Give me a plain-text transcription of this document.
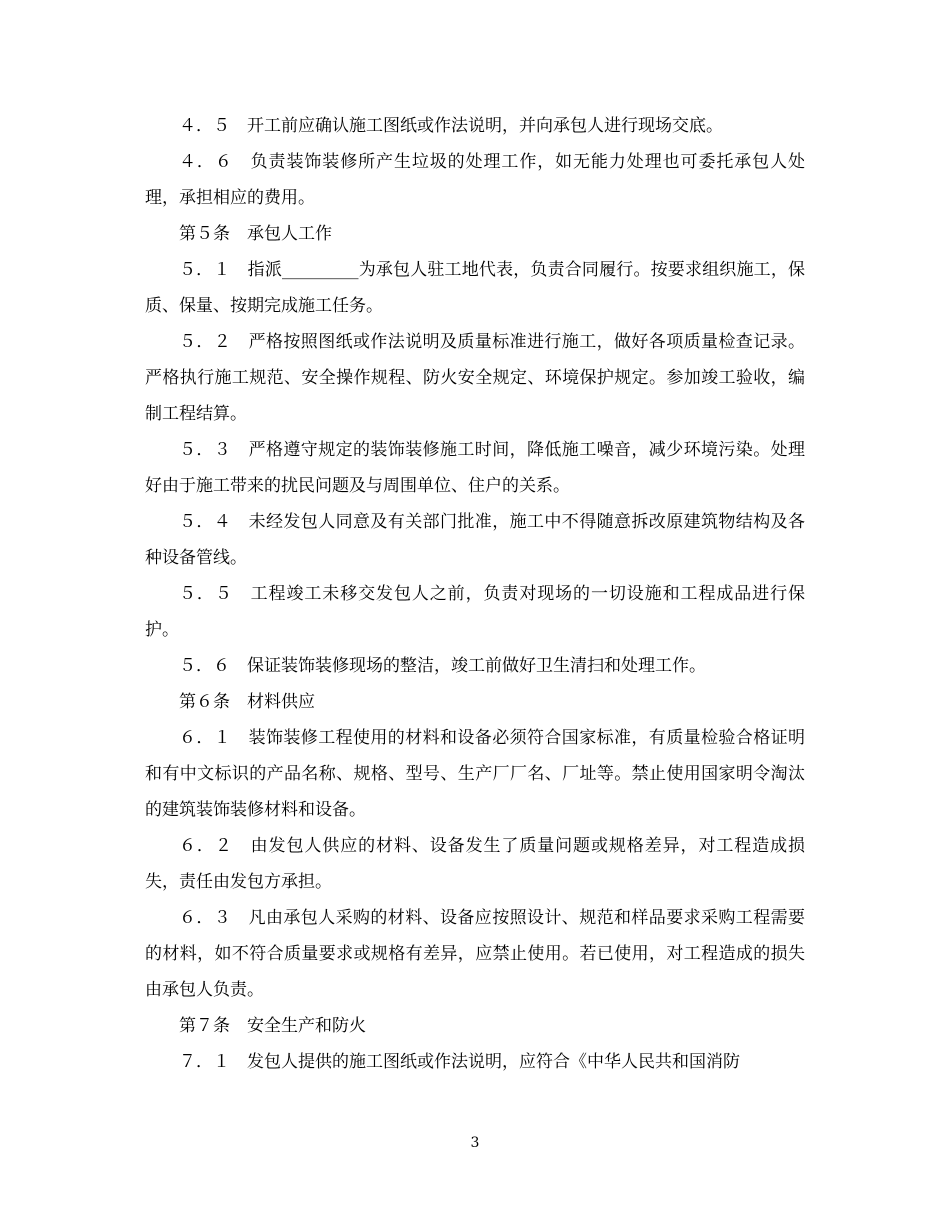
４．５　开工前应确认施工图纸或作法说明，并向承包人进行现场交底。

４．６　负责装饰装修所产生垃圾的处理工作，如无能力处理也可委托承包人处理，承担相应的费用。

第５条　承包人工作

５．１　指派_________为承包人驻工地代表，负责合同履行。按要求组织施工，保质、保量、按期完成施工任务。

５．２　严格按照图纸或作法说明及质量标准进行施工，做好各项质量检查记录。严格执行施工规范、安全操作规程、防火安全规定、环境保护规定。参加竣工验收，编制工程结算。

５．３　严格遵守规定的装饰装修施工时间，降低施工噪音，减少环境污染。处理好由于施工带来的扰民问题及与周围单位、住户的关系。

５．４　未经发包人同意及有关部门批准，施工中不得随意拆改原建筑物结构及各种设备管线。

５．５　工程竣工未移交发包人之前，负责对现场的一切设施和工程成品进行保护。

５．６　保证装饰装修现场的整洁，竣工前做好卫生清扫和处理工作。

第６条　材料供应

６．１　装饰装修工程使用的材料和设备必须符合国家标准，有质量检验合格证明和有中文标识的产品名称、规格、型号、生产厂厂名、厂址等。禁止使用国家明令淘汰的建筑装饰装修材料和设备。

６．２　由发包人供应的材料、设备发生了质量问题或规格差异，对工程造成损失，责任由发包方承担。

６．３　凡由承包人采购的材料、设备应按照设计、规范和样品要求采购工程需要的材料，如不符合质量要求或规格有差异，应禁止使用。若已使用，对工程造成的损失由承包人负责。

第７条　安全生产和防火

７．１　发包人提供的施工图纸或作法说明，应符合《中华人民共和国消防

3
